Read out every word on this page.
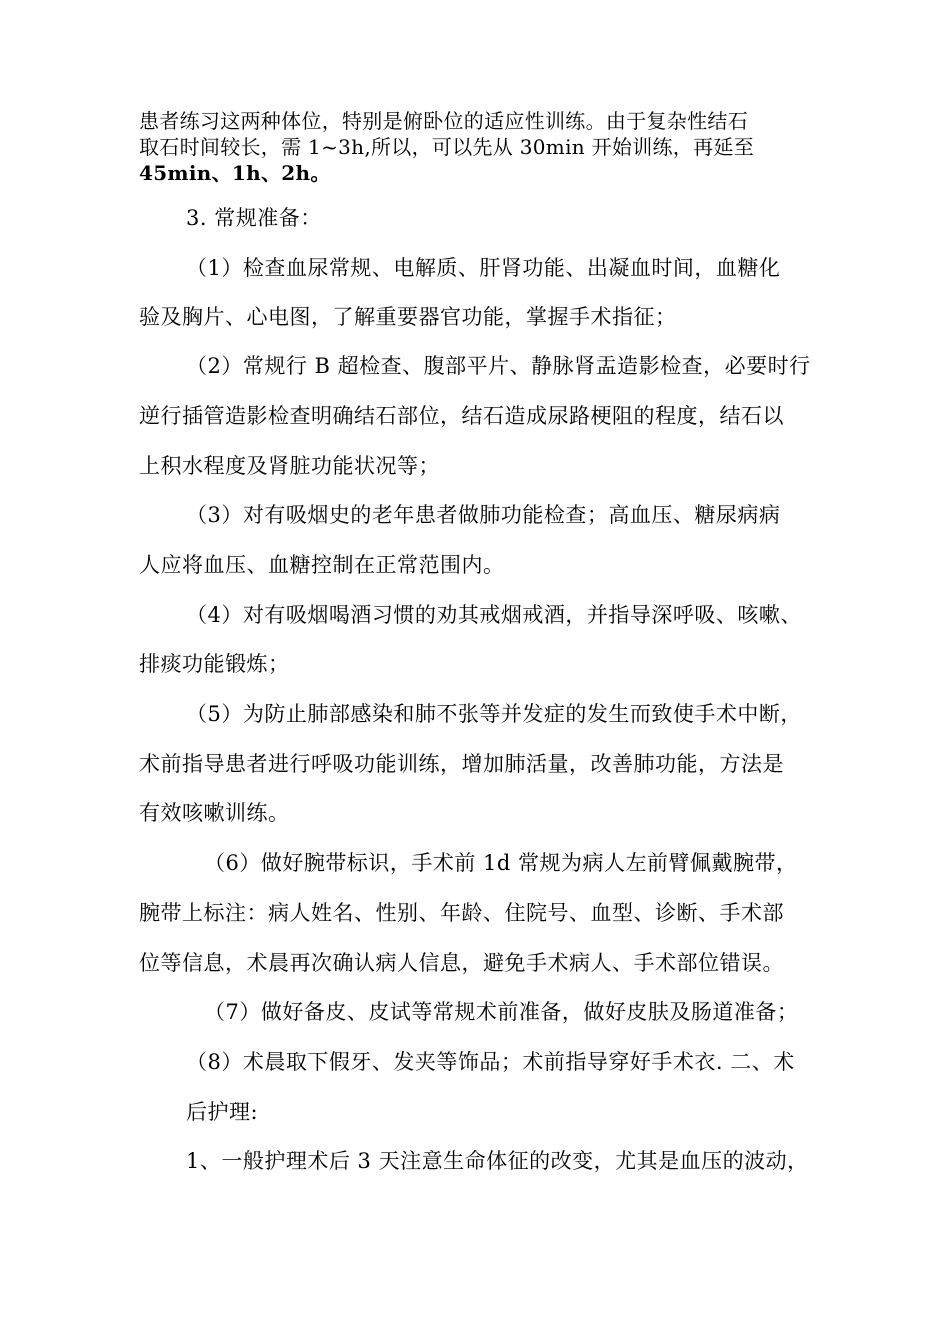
患者练习这两种体位，特别是俯卧位的适应性训练。由于复杂性结石
取石时间较长，需 1~3h,所以，可以先从 30min 开始训练，再延至
45min、1h、2h。
3. 常规准备：
（1）检查血尿常规、电解质、肝肾功能、出凝血时间，血糖化
验及胸片、心电图，了解重要器官功能，掌握手术指征；
（2）常规行 B 超检查、腹部平片、静脉肾盂造影检查，必要时行
逆行插管造影检查明确结石部位，结石造成尿路梗阻的程度，结石以
上积水程度及肾脏功能状况等；
（3）对有吸烟史的老年患者做肺功能检查；高血压、糖尿病病
人应将血压、血糖控制在正常范围内。
（4）对有吸烟喝酒习惯的劝其戒烟戒酒，并指导深呼吸、咳嗽、
排痰功能锻炼；
（5）为防止肺部感染和肺不张等并发症的发生而致使手术中断，
术前指导患者进行呼吸功能训练，增加肺活量，改善肺功能，方法是
有效咳嗽训练。
（6）做好腕带标识，手术前 1d 常规为病人左前臂佩戴腕带，
腕带上标注：病人姓名、性别、年龄、住院号、血型、诊断、手术部
位等信息，术晨再次确认病人信息，避免手术病人、手术部位错误。
（7）做好备皮、皮试等常规术前准备，做好皮肤及肠道准备；
（8）术晨取下假牙、发夹等饰品；术前指导穿好手术衣. 二、术
后护理:
1、一般护理术后 3 天注意生命体征的改变，尤其是血压的波动，
